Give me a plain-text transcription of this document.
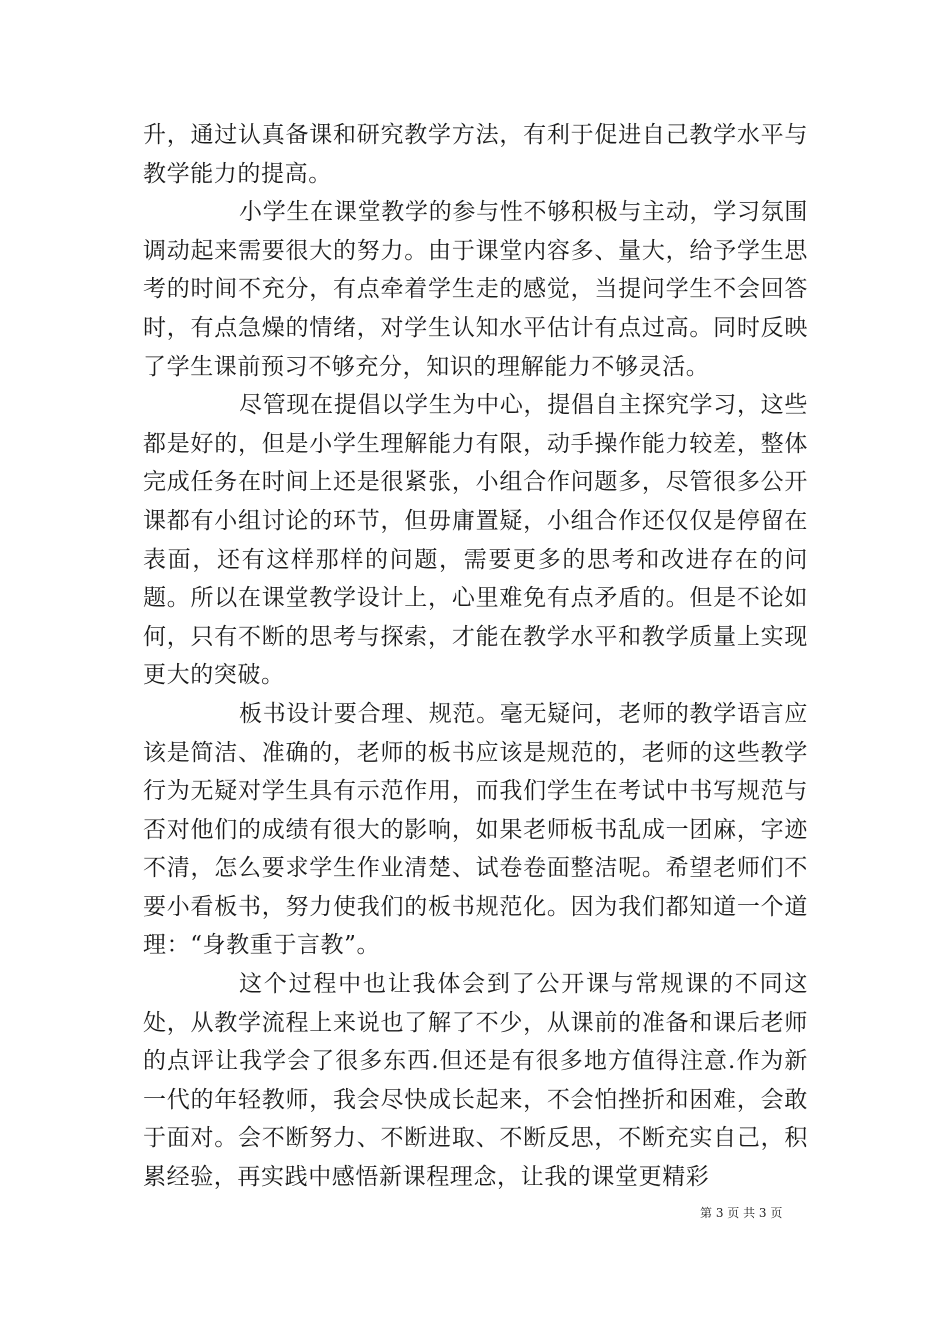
升，通过认真备课和研究教学方法，有利于促进自己教学水平与教学能力的提高。

小学生在课堂教学的参与性不够积极与主动，学习氛围调动起来需要很大的努力。由于课堂内容多、量大，给予学生思考的时间不充分，有点牵着学生走的感觉，当提问学生不会回答时，有点急燥的情绪，对学生认知水平估计有点过高。同时反映了学生课前预习不够充分，知识的理解能力不够灵活。

尽管现在提倡以学生为中心，提倡自主探究学习，这些都是好的，但是小学生理解能力有限，动手操作能力较差，整体完成任务在时间上还是很紧张，小组合作问题多，尽管很多公开课都有小组讨论的环节，但毋庸置疑，小组合作还仅仅是停留在表面，还有这样那样的问题，需要更多的思考和改进存在的问题。所以在课堂教学设计上，心里难免有点矛盾的。但是不论如何，只有不断的思考与探索，才能在教学水平和教学质量上实现更大的突破。

板书设计要合理、规范。毫无疑问，老师的教学语言应该是简洁、准确的，老师的板书应该是规范的，老师的这些教学行为无疑对学生具有示范作用，而我们学生在考试中书写规范与否对他们的成绩有很大的影响，如果老师板书乱成一团麻，字迹不清，怎么要求学生作业清楚、试卷卷面整洁呢。希望老师们不要小看板书，努力使我们的板书规范化。因为我们都知道一个道理：“身教重于言教”。

这个过程中也让我体会到了公开课与常规课的不同这处，从教学流程上来说也了解了不少，从课前的准备和课后老师的点评让我学会了很多东西.但还是有很多地方值得注意.作为新一代的年轻教师，我会尽快成长起来，不会怕挫折和困难，会敢于面对。会不断努力、不断进取、不断反思，不断充实自己，积累经验，再实践中感悟新课程理念，让我的课堂更精彩

第 3 页 共 3 页
